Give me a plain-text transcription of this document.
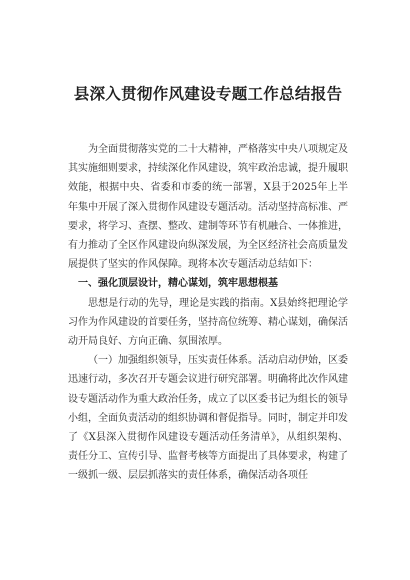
县深入贯彻作风建设专题工作总结报告

为全面贯彻落实党的二十大精神，严格落实中央八项规定及其实施细则要求，持续深化作风建设，筑牢政治忠诚，提升履职效能，根据中央、省委和市委的统一部署，X县于2025年上半年集中开展了深入贯彻作风建设专题活动。活动坚持高标准、严要求，将学习、查摆、整改、建制等环节有机融合、一体推进，有力推动了全区作风建设向纵深发展，为全区经济社会高质量发展提供了坚实的作风保障。现将本次专题活动总结如下：

一、强化顶层设计，精心谋划，筑牢思想根基

思想是行动的先导，理论是实践的指南。X县始终把理论学习作为作风建设的首要任务，坚持高位统筹、精心谋划，确保活动开局良好、方向正确、氛围浓厚。

（一）加强组织领导，压实责任体系。活动启动伊始，区委迅速行动，多次召开专题会议进行研究部署。明确将此次作风建设专题活动作为重大政治任务，成立了以区委书记为组长的领导小组，全面负责活动的组织协调和督促指导。同时，制定并印发了《X县深入贯彻作风建设专题活动任务清单》，从组织架构、责任分工、宣传引导、监督考核等方面提出了具体要求，构建了一级抓一级、层层抓落实的责任体系，确保活动各项任
